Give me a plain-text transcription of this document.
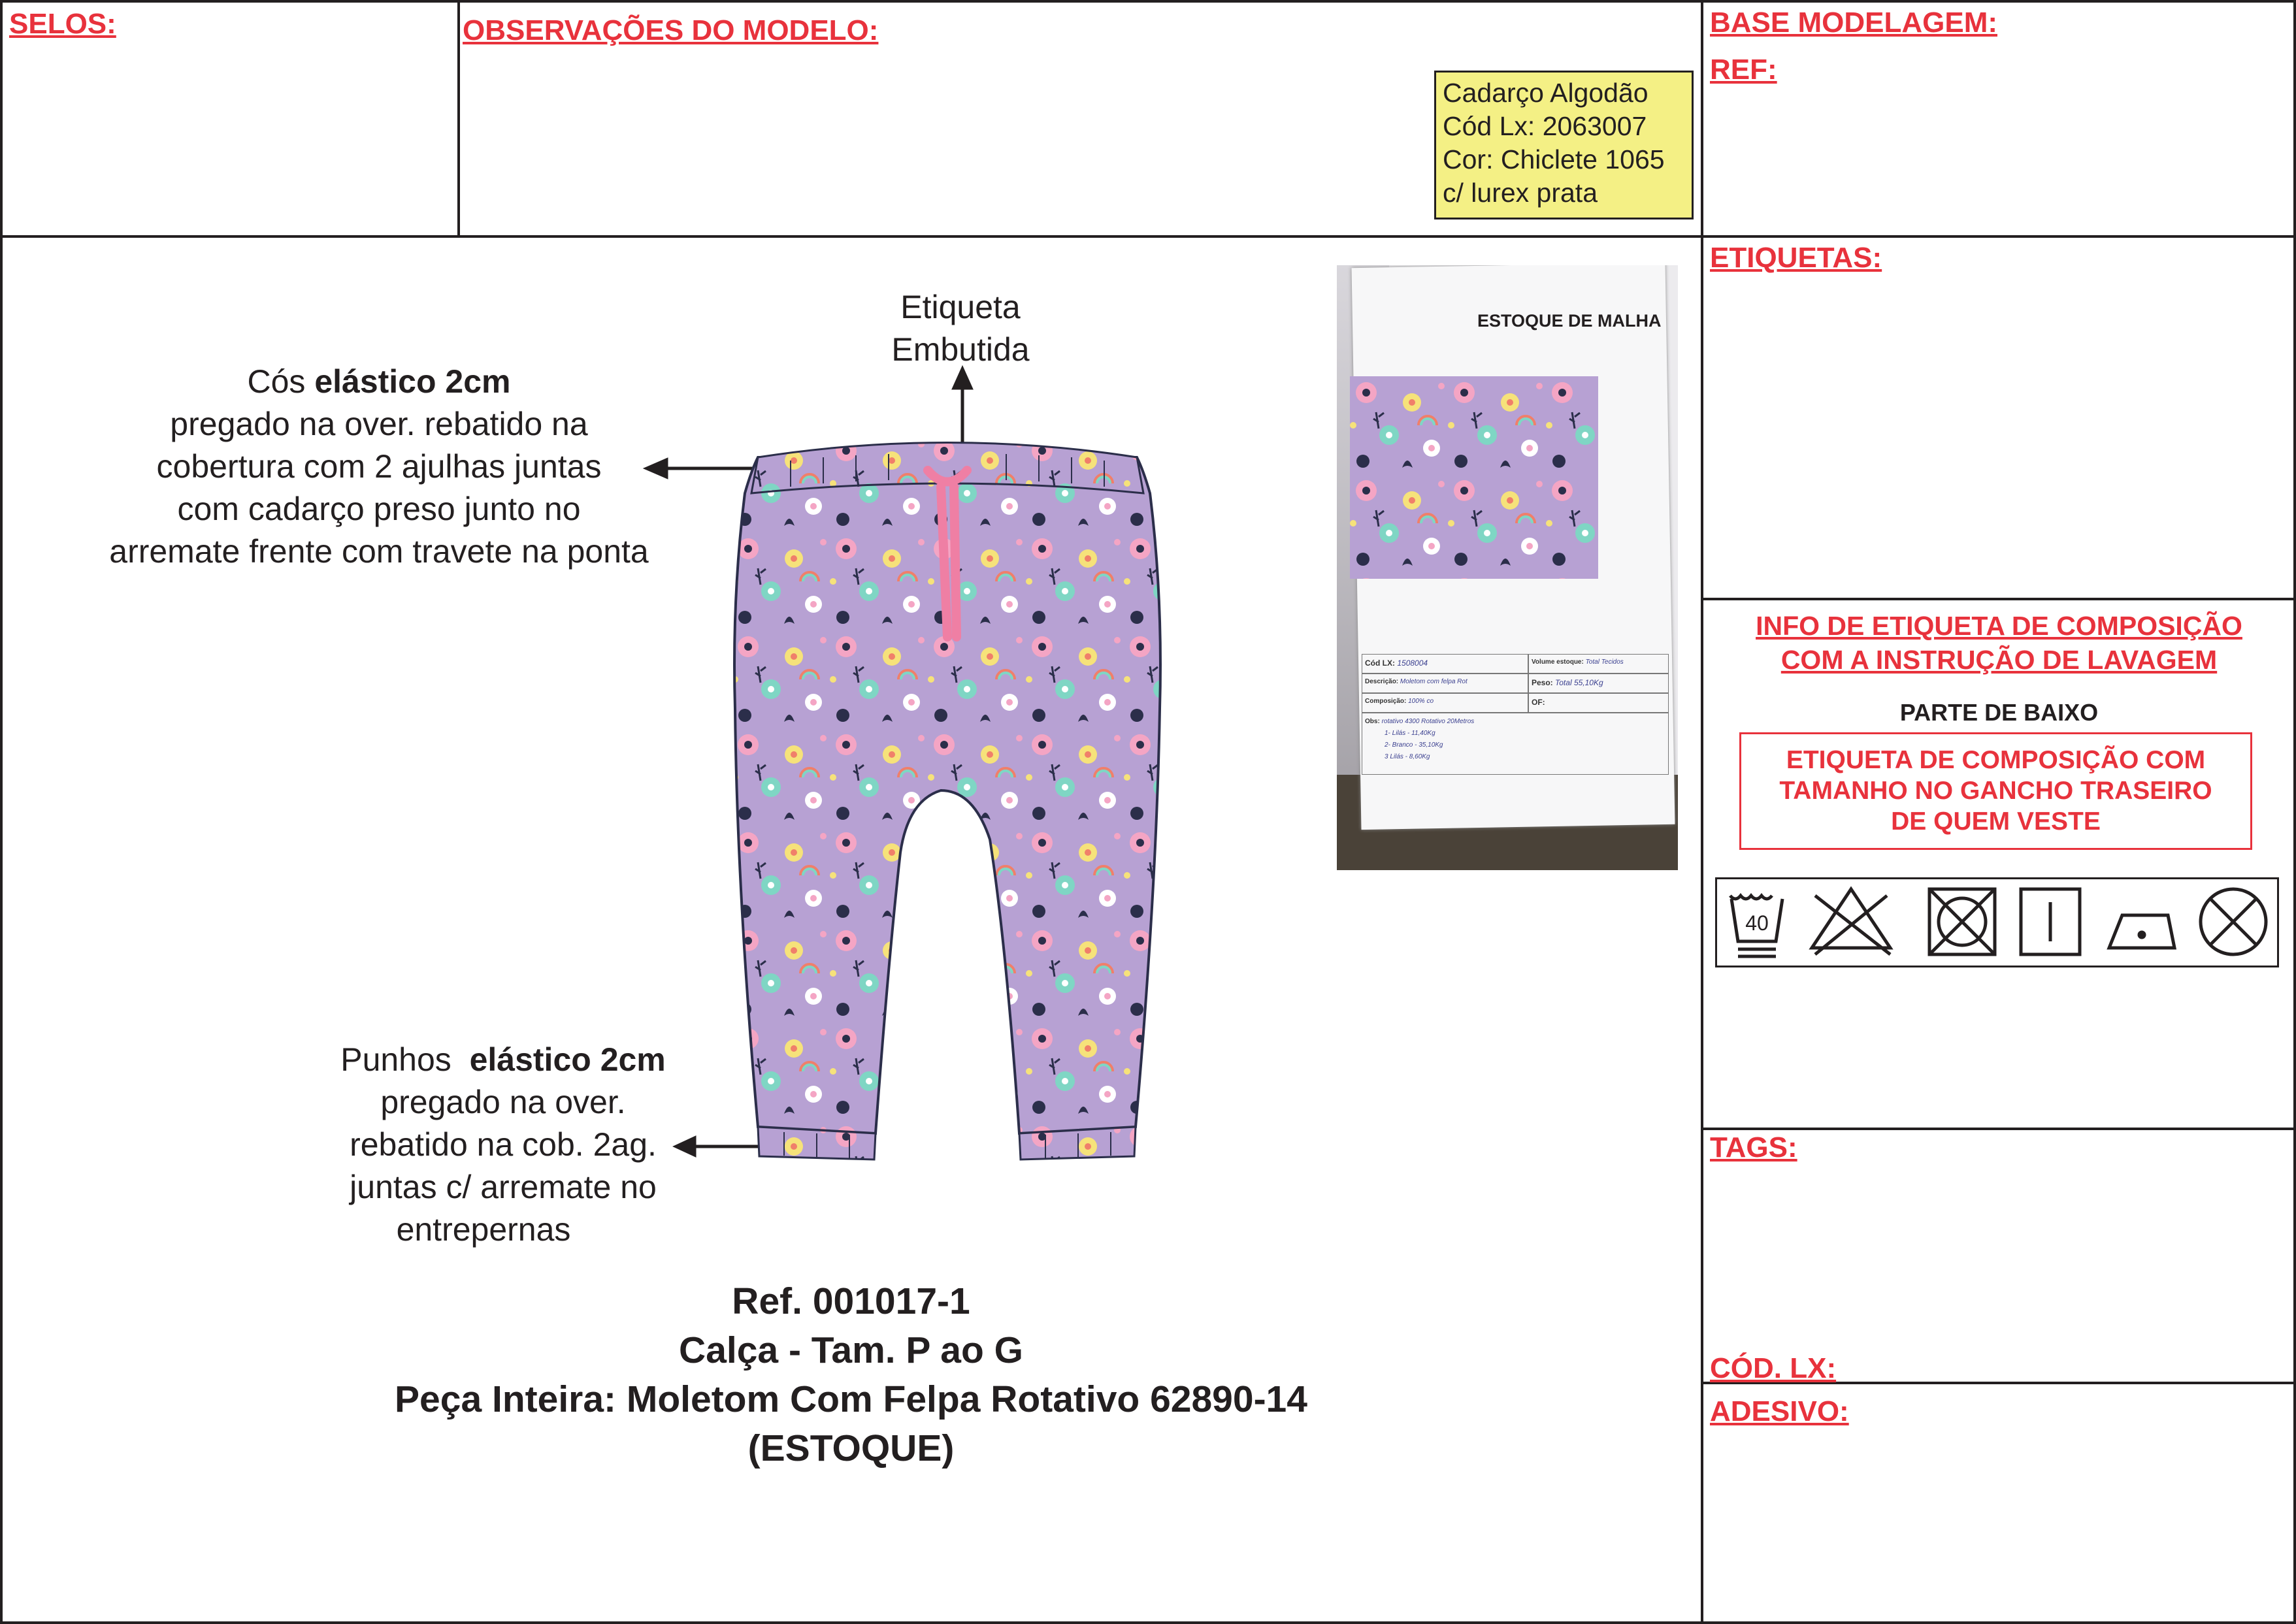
SELOS:	OBSERVAÇÕES DO MODELO:	BASE MODELAGEM:
REF:
Cadarço Algodão
Cód Lx: 2063007
Cor: Chiclete 1065
c/ lurex prata
Etiqueta
Embutida
Cós elástico 2cm
pregado na over. rebatido na
cobertura com 2 ajulhas juntas
com cadarço preso junto no
arremate frente com travete na ponta
Punhos  elástico 2cm
pregado na over.
rebatido na cob. 2ag.
juntas c/ arremate no
entrepernas
ESTOQUE DE MALHA
Cód LX: 1508004	Volume estoque: Total Tecidos
Descrição: Moletom com felpa Rot	Peso: Total 55,10Kg
Composição: 100% co	OF:
Obs: rotativo 4300 Rotativo 20Metros
1- Lilás - 11,40Kg
2- Branco - 35,10Kg
3 Lilás - 8,60Kg
Ref. 001017-1
Calça - Tam. P ao G
Peça Inteira: Moletom Com Felpa Rotativo 62890-14
(ESTOQUE)
ETIQUETAS:
INFO DE ETIQUETA DE COMPOSIÇÃO
COM A INSTRUÇÃO DE LAVAGEM
PARTE DE BAIXO
ETIQUETA DE COMPOSIÇÃO COM
TAMANHO NO GANCHO TRASEIRO
DE QUEM VESTE
40
TAGS:
CÓD. LX:
ADESIVO:
